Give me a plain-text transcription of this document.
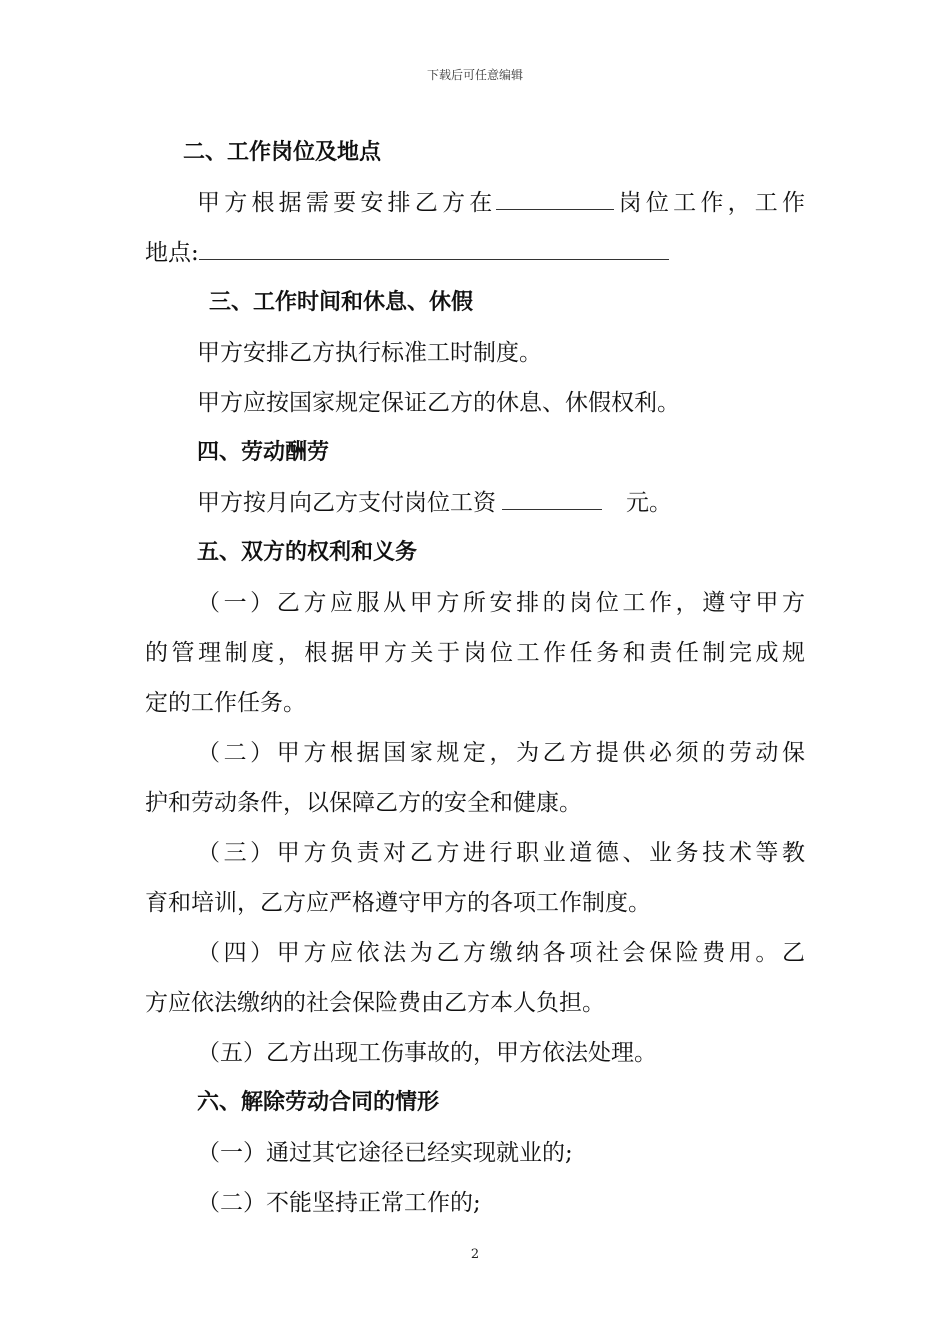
下载后可任意编辑
二、工作岗位及地点
甲方根据需要安排乙方在	岗位工作，工作
地点:
三、工作时间和休息、休假
甲方安排乙方执行标准工时制度。
甲方应按国家规定保证乙方的休息、休假权利。
四、劳动酬劳
甲方按月向乙方支付岗位工资	元。
五、双方的权利和义务
（一）乙方应服从甲方所安排的岗位工作，遵守甲方
的管理制度，根据甲方关于岗位工作任务和责任制完成规
定的工作任务。
（二）甲方根据国家规定，为乙方提供必须的劳动保
护和劳动条件，以保障乙方的安全和健康。
（三）甲方负责对乙方进行职业道德、业务技术等教
育和培训，乙方应严格遵守甲方的各项工作制度。
（四）甲方应依法为乙方缴纳各项社会保险费用。乙
方应依法缴纳的社会保险费由乙方本人负担。
（五）乙方出现工伤事故的，甲方依法处理。
六、解除劳动合同的情形
（一）通过其它途径已经实现就业的;
（二）不能坚持正常工作的;
2
